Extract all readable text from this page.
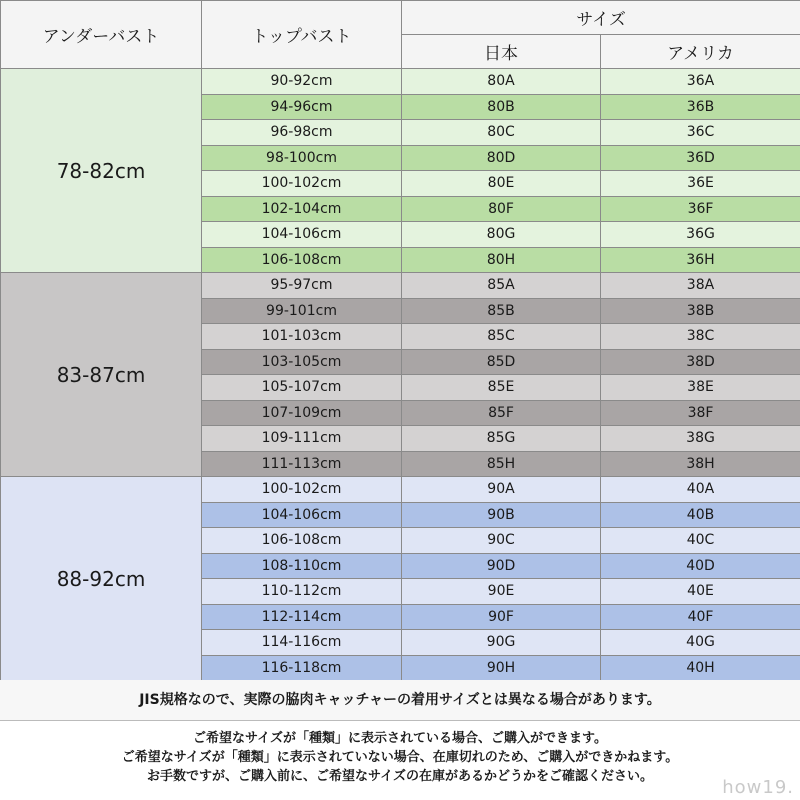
アンダーバスト	トップバスト	サイズ	
		日本	アメリカ
78-82cm	90-92cm	80A	36A
	94-96cm	80B	36B
	96-98cm	80C	36C
	98-100cm	80D	36D
	100-102cm	80E	36E
	102-104cm	80F	36F
	104-106cm	80G	36G
	106-108cm	80H	36H
83-87cm	95-97cm	85A	38A
	99-101cm	85B	38B
	101-103cm	85C	38C
	103-105cm	85D	38D
	105-107cm	85E	38E
	107-109cm	85F	38F
	109-111cm	85G	38G
	111-113cm	85H	38H
88-92cm	100-102cm	90A	40A
	104-106cm	90B	40B
	106-108cm	90C	40C
	108-110cm	90D	40D
	110-112cm	90E	40E
	112-114cm	90F	40F
	114-116cm	90G	40G
	116-118cm	90H	40H
JIS規格なので、実際の脇肉キャッチャーの着用サイズとは異なる場合があります。
ご希望なサイズが「種類」に表示されている場合、ご購入ができます。
ご希望なサイズが「種類」に表示されていない場合、在庫切れのため、ご購入ができかねます。
お手数ですが、ご購入前に、ご希望なサイズの在庫があるかどうかをご確認ください。
how19.
